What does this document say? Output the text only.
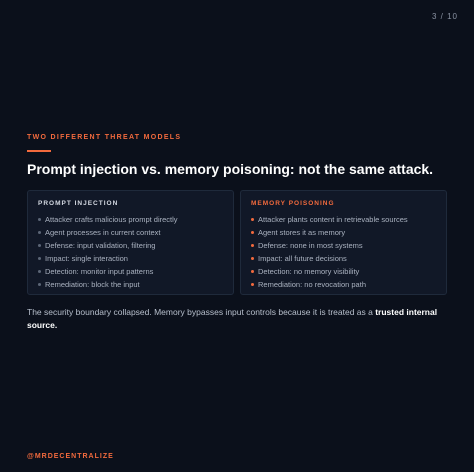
3 / 10
TWO DIFFERENT THREAT MODELS
Prompt injection vs. memory poisoning: not the same attack.
PROMPT INJECTION
Attacker crafts malicious prompt directly
Agent processes in current context
Defense: input validation, filtering
Impact: single interaction
Detection: monitor input patterns
Remediation: block the input
MEMORY POISONING
Attacker plants content in retrievable sources
Agent stores it as memory
Defense: none in most systems
Impact: all future decisions
Detection: no memory visibility
Remediation: no revocation path

The security boundary collapsed. Memory bypasses input controls because it is treated as a trusted internal source.

@MRDECENTRALIZE
